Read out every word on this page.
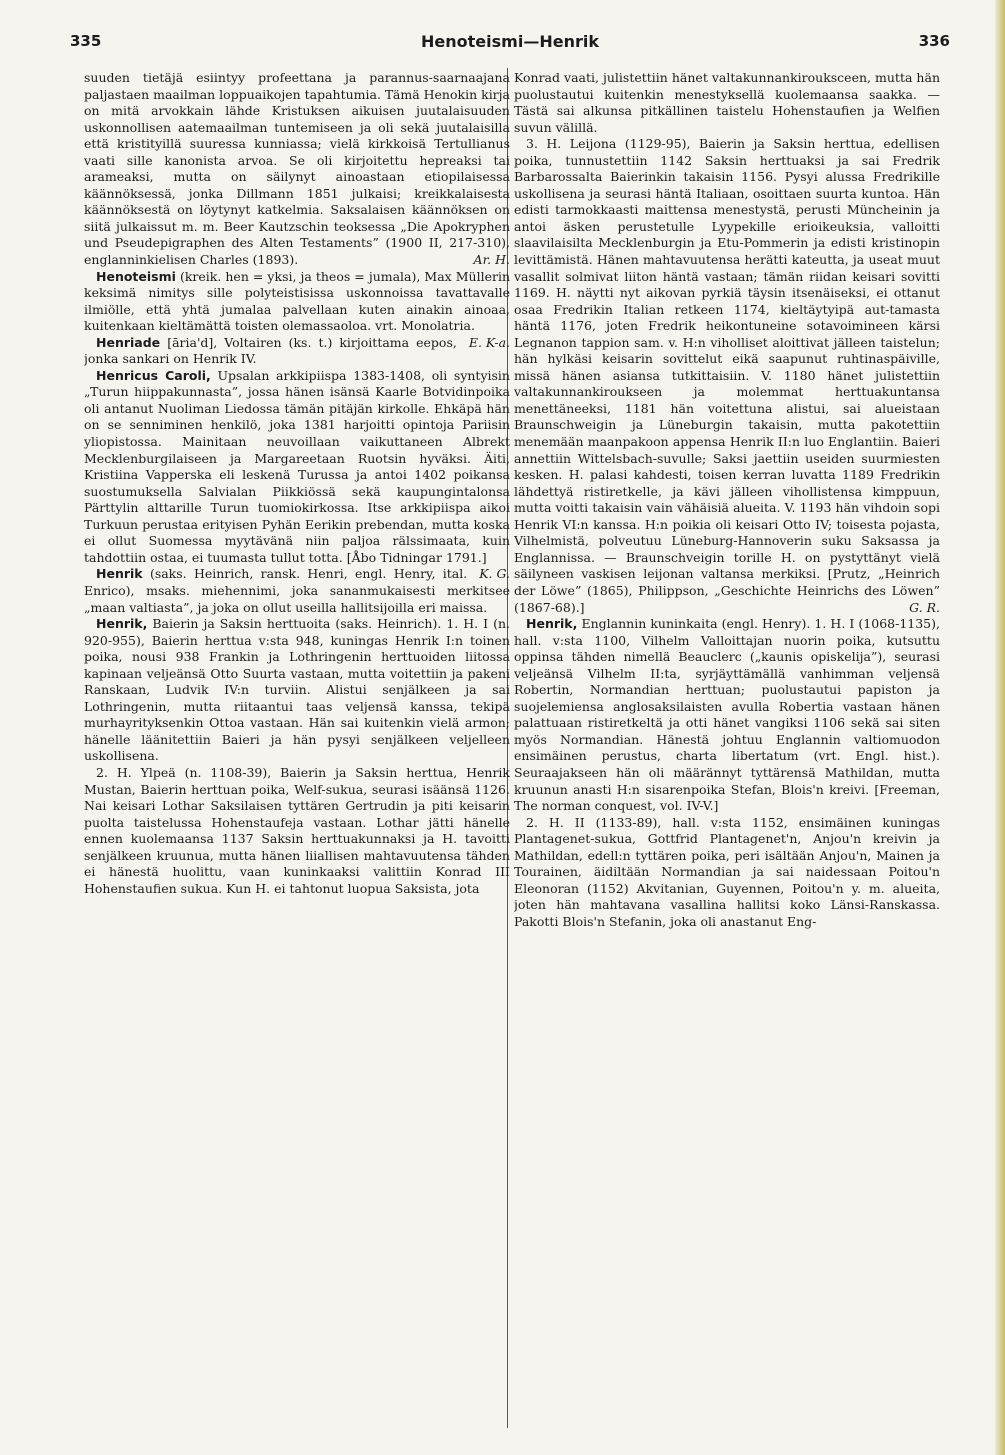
335	Henoteismi—Henrik	336

suuden tietäjä esiintyy profeettana ja parannus-saarnaajana paljastaen maailman loppuaikojen tapahtumia. Tämä Henokin kirja on mitä arvokkain lähde Kristuksen aikuisen juutalaisuuden uskonnollisen aatemaailman tuntemiseen ja oli sekä juutalaisilla että kristityillä suuressa kunniassa; vielä kirkkoisä Tertullianus vaati sille kanonista arvoa. Se oli kirjoitettu hepreaksi tai arameaksi, mutta on säilynyt ainoastaan etiopilaisessa käännöksessä, jonka Dillmann 1851 julkaisi; kreikkalaisesta käännöksestä on löytynyt katkelmia. Saksalaisen käännöksen on siitä julkaissut m. m. Beer Kautzschin teoksessa „Die Apokryphen und Pseudepigraphen des Alten Testaments” (1900 II, 217-310), englanninkielisen Charles (1893).	Ar. H.

Henoteismi (kreik. hen = yksi, ja theos = jumala), Max Müllerin keksimä nimitys sille polyteistisissa uskonnoissa tavattavalle ilmiölle, että yhtä jumalaa palvellaan kuten ainakin ainoaa, kuitenkaan kieltämättä toisten olemassaoloa. vrt. Monolatria.
E. K-a.

Henriade [āria'd], Voltairen (ks. t.) kirjoittama eepos, jonka sankari on Henrik IV.

Henricus Caroli, Upsalan arkkipiispa 1383-1408, oli syntyisin „Turun hiippakunnasta”, jossa hänen isänsä Kaarle Botvidinpoika oli antanut Nuoliman Liedossa tämän pitäjän kirkolle. Ehkäpä hän on se senniminen henkilö, joka 1381 harjoitti opintoja Pariisin yliopistossa. Mainitaan neuvoillaan vaikuttaneen Albrekt Mecklenburgilaiseen ja Margareetaan Ruotsin hyväksi. Äiti, Kristiina Vapperska eli leskenä Turussa ja antoi 1402 poikansa suostumuksella Salvialan Piikkiössä sekä kaupungintalonsa Pärttylin alttarille Turun tuomiokirkossa. Itse arkkipiispa aikoi Turkuun perustaa erityisen Pyhän Eerikin prebendan, mutta koska ei ollut Suomessa myytävänä niin paljoa rälssimaata, kuin tahdottiin ostaa, ei tuumasta tullut totta. [Åbo Tidningar 1791.]
K. G.

Henrik (saks. Heinrich, ransk. Henri, engl. Henry, ital. Enrico), msaks. miehennimi, joka sananmukaisesti merkitsee „maan valtiasta”, ja joka on ollut useilla hallitsijoilla eri maissa.

Henrik, Baierin ja Saksin herttuoita (saks. Heinrich). 1. H. I (n. 920-955), Baierin herttua v:sta 948, kuningas Henrik I:n toinen poika, nousi 938 Frankin ja Lothringenin herttuoiden liitossa kapinaan veljeänsä Otto Suurta vastaan, mutta voitettiin ja pakeni Ranskaan, Ludvik IV:n turviin. Alistui senjälkeen ja sai Lothringenin, mutta riitaantui taas veljensä kanssa, tekipä murhayrityksenkin Ottoa vastaan. Hän sai kuitenkin vielä armon; hänelle läänitettiin Baieri ja hän pysyi senjälkeen veljelleen uskollisena.

2. H. Ylpeä (n. 1108-39), Baierin ja Saksin herttua, Henrik Mustan, Baierin herttuan poika, Welf-sukua, seurasi isäänsä 1126. Nai keisari Lothar Saksilaisen tyttären Gertrudin ja piti keisarin puolta taistelussa Hohenstaufeja vastaan. Lothar jätti hänelle ennen kuolemaansa 1137 Saksin herttuakunnaksi ja H. tavoitti senjälkeen kruunua, mutta hänen liiallisen mahtavuutensa tähden ei hänestä huolittu, vaan kuninkaaksi valittiin Konrad III Hohenstaufien sukua. Kun H. ei tahtonut luopua Saksista, jota

Konrad vaati, julistettiin hänet valtakunnankirouksceen, mutta hän puolustautui kuitenkin menestyksellä kuolemaansa saakka. — Tästä sai alkunsa pitkällinen taistelu Hohenstaufien ja Welfien suvun välillä.

3. H. Leijona (1129-95), Baierin ja Saksin herttua, edellisen poika, tunnustettiin 1142 Saksin herttuaksi ja sai Fredrik Barbarossalta Baierinkin takaisin 1156. Pysyi alussa Fredrikille uskollisena ja seurasi häntä Italiaan, osoittaen suurta kuntoa. Hän edisti tarmokkaasti maittensa menestystä, perusti Müncheinin ja antoi äsken perustetulle Lyypekille erioikeuksia, valloitti slaavilaisilta Mecklenburgin ja Etu-Pommerin ja edisti kristinopin levittämistä. Hänen mahtavuutensa herätti kateutta, ja useat muut vasallit solmivat liiton häntä vastaan; tämän riidan keisari sovitti 1169. H. näytti nyt aikovan pyrkiä täysin itsenäiseksi, ei ottanut osaa Fredrikin Italian retkeen 1174, kieltäytyipä aut-tamasta häntä 1176, joten Fredrik heikontuneine sotavoimineen kärsi Legnanon tappion sam. v. H:n viholliset aloittivat jälleen taistelun; hän hylkäsi keisarin sovittelut eikä saapunut ruhtinaspäiville, missä hänen asiansa tutkittaisiin. V. 1180 hänet julistettiin valtakunnankiroukseen ja molemmat herttuakuntansa menettäneeksi, 1181 hän voitettuna alistui, sai alueistaan Braunschweigin ja Lüneburgin takaisin, mutta pakotettiin menemään maanpakoon appensa Henrik II:n luo Englantiin. Baieri annettiin Wittelsbach-suvulle; Saksi jaettiin useiden suurmiesten kesken. H. palasi kahdesti, toisen kerran luvatta 1189 Fredrikin lähdettyä ristiretkelle, ja kävi jälleen vihollistensa kimppuun, mutta voitti takaisin vain vähäisiä alueita. V. 1193 hän vihdoin sopi Henrik VI:n kanssa. H:n poikia oli keisari Otto IV; toisesta pojasta, Vilhelmistä, polveutuu Lüneburg-Hannoverin suku Saksassa ja Englannissa. — Braunschveigin torille H. on pystyttänyt vielä säilyneen vaskisen leijonan valtansa merkiksi. [Prutz, „Heinrich der Löwe” (1865), Philippson, „Geschichte Heinrichs des Löwen” (1867-68).]	G. R.

Henrik, Englannin kuninkaita (engl. Henry). 1. H. I (1068-1135), hall. v:sta 1100, Vilhelm Valloittajan nuorin poika, kutsuttu oppinsa tähden nimellä Beauclerc („kaunis opiskelija”), seurasi veljeänsä Vilhelm II:ta, syrjäyttämällä vanhimman veljensä Robertin, Normandian herttuan; puolustautui papiston ja suojelemiensa anglosaksilaisten avulla Robertia vastaan hänen palattuaan ristiretkeltä ja otti hänet vangiksi 1106 sekä sai siten myös Normandian. Hänestä johtuu Englannin valtiomuodon ensimäinen perustus, charta libertatum (vrt. Engl. hist.). Seuraajakseen hän oli määrännyt tyttärensä Mathildan, mutta kruunun anasti H:n sisarenpoika Stefan, Blois'n kreivi. [Freeman, The norman conquest, vol. IV-V.]

2. H. II (1133-89), hall. v:sta 1152, ensimäinen kuningas Plantagenet-sukua, Gottfrid Plantagenet'n, Anjou'n kreivin ja Mathildan, edell:n tyttären poika, peri isältään Anjou'n, Mainen ja Tourainen, äidiltään Normandian ja sai naidessaan Poitou'n Eleonoran (1152) Akvitanian, Guyennen, Poitou'n y. m. alueita, joten hän mahtavana vasallina hallitsi koko Länsi-Ranskassa. Pakotti Blois'n Stefanin, joka oli anastanut Eng-
